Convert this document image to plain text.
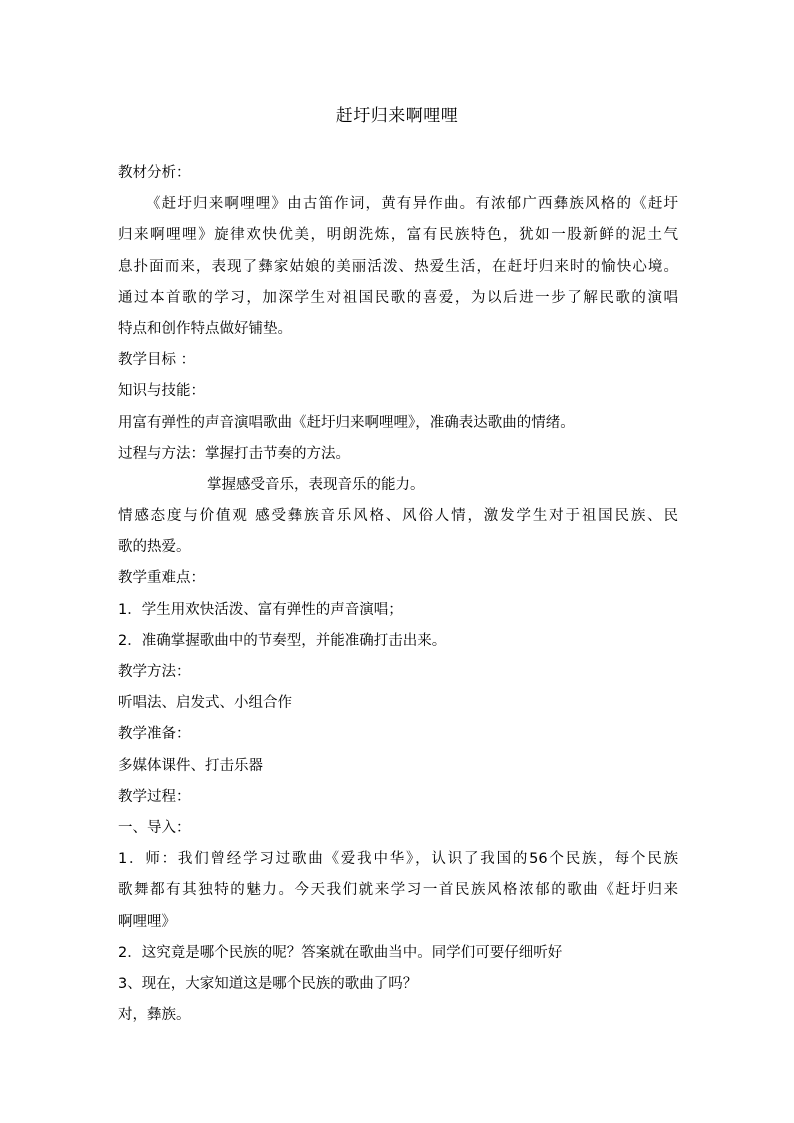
赶圩归来啊哩哩
教材分析：
《赶圩归来啊哩哩》由古笛作词，黄有异作曲。有浓郁广西彝族风格的《赶圩
归来啊哩哩》旋律欢快优美，明朗洗炼，富有民族特色，犹如一股新鲜的泥土气
息扑面而来，表现了彝家姑娘的美丽活泼、热爱生活，在赶圩归来时的愉快心境。
通过本首歌的学习，加深学生对祖国民歌的喜爱，为以后进一步了解民歌的演唱
特点和创作特点做好铺垫。
教学目标 ：
知识与技能：
用富有弹性的声音演唱歌曲《赶圩归来啊哩哩》，准确表达歌曲的情绪。
过程与方法：掌握打击节奏的方法。
掌握感受音乐，表现音乐的能力。
情感态度与价值观 感受彝族音乐风格、风俗人情，激发学生对于祖国民族、民
歌的热爱。
教学重难点：
1．学生用欢快活泼、富有弹性的声音演唱；
2．准确掌握歌曲中的节奏型，并能准确打击出来。
教学方法：
听唱法、启发式、小组合作
教学准备：
多媒体课件、打击乐器
教学过程：
一、导入：
1．师：我们曾经学习过歌曲《爱我中华》，认识了我国的56个民族，每个民族
歌舞都有其独特的魅力。今天我们就来学习一首民族风格浓郁的歌曲《赶圩归来
啊哩哩》
2．这究竟是哪个民族的呢？答案就在歌曲当中。同学们可要仔细听好
3、现在，大家知道这是哪个民族的歌曲了吗？
对，彝族。
